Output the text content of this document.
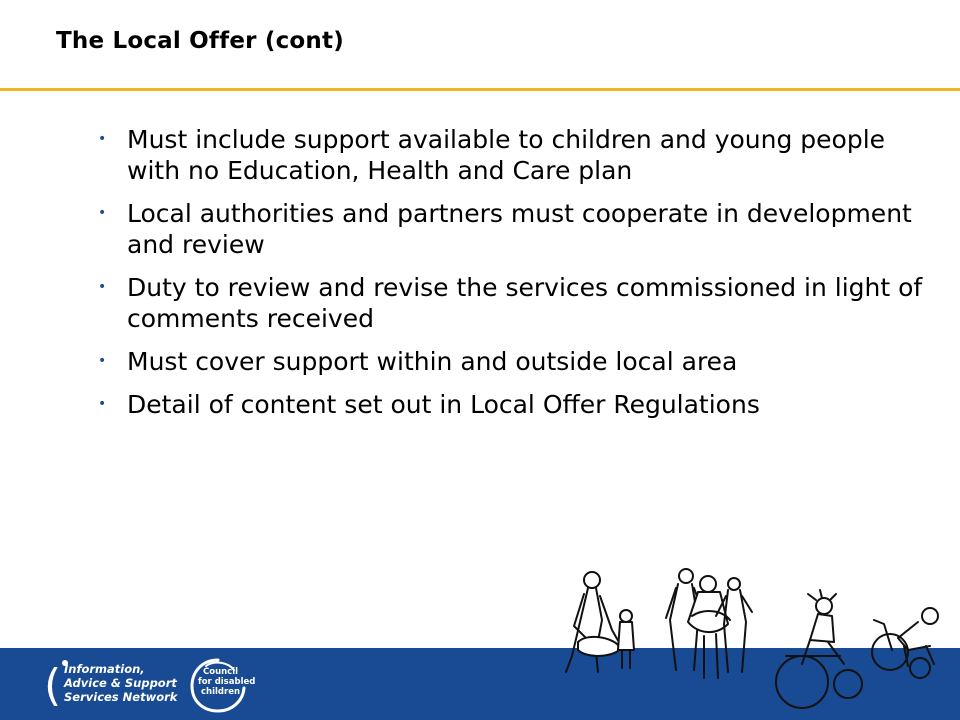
The Local Offer (cont)
• Must include support available to children and young people with no Education, Health and Care plan
• Local authorities and partners must cooperate in development and review
• Duty to review and revise the services commissioned in light of comments received
• Must cover support within and outside local area
• Detail of content set out in Local Offer Regulations
( Information,
Advice & Support
Services Network
Council
for disabled
children
